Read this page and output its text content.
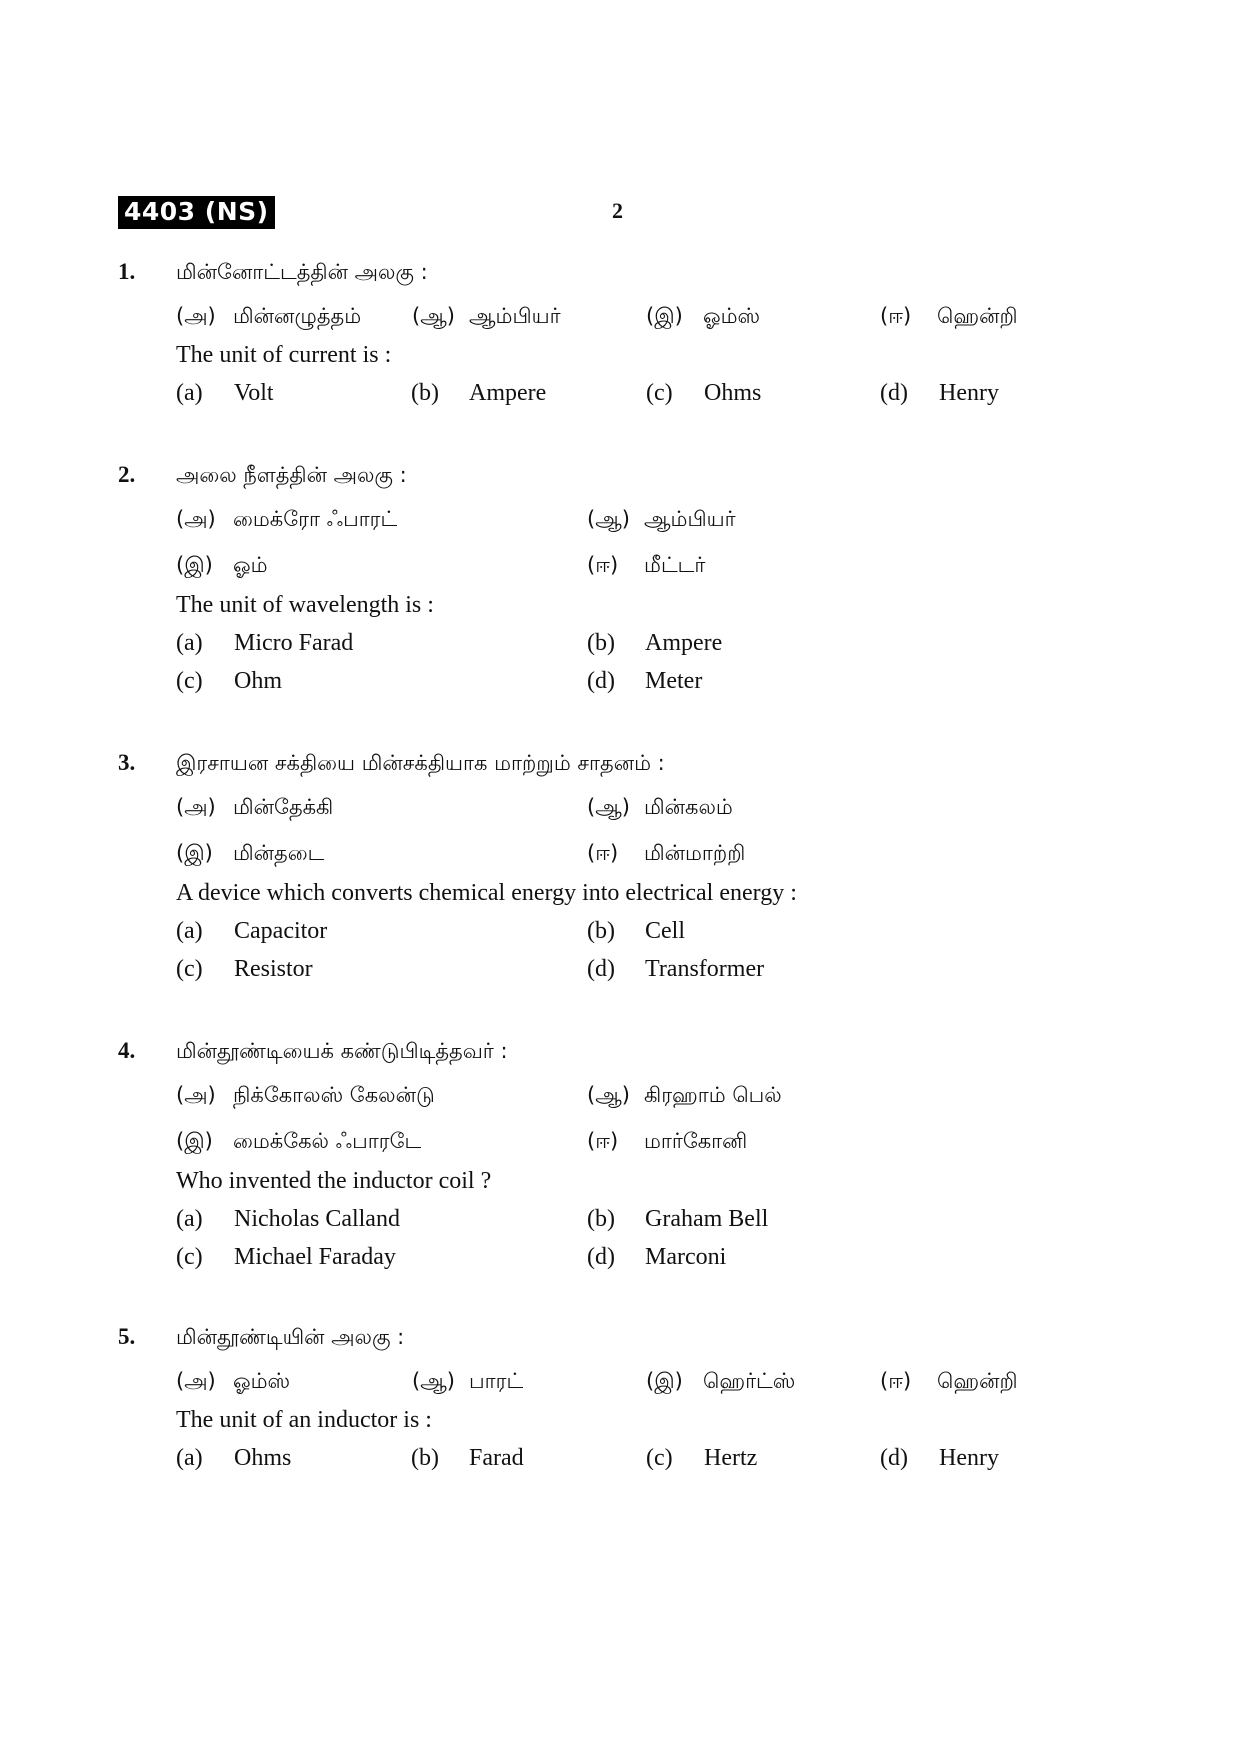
4403 (NS)	2
1. மின்னோட்டத்தின் அலகு :
(அ) மின்னழுத்தம் (ஆ) ஆம்பியர்	(இ) ஓம்ஸ்	(ஈ) ஹென்றி
The unit of current is :
(a) Volt	(b) Ampere	(c) Ohms	(d) Henry
2. அலை நீளத்தின் அலகு :
(அ) மைக்ரோ ஃபாரட்	(ஆ) ஆம்பியர்
(இ) ஓம்	(ஈ) மீட்டர்
The unit of wavelength is :
(a) Micro Farad	(b) Ampere
(c) Ohm	(d) Meter
3. இரசாயன சக்தியை மின்சக்தியாக மாற்றும் சாதனம் :
(அ) மின்தேக்கி	(ஆ) மின்கலம்
(இ) மின்தடை	(ஈ) மின்மாற்றி
A device which converts chemical energy into electrical energy :
(a) Capacitor	(b) Cell
(c) Resistor	(d) Transformer
4. மின்தூண்டியைக் கண்டுபிடித்தவர் :
(அ) நிக்கோலஸ் கேலன்டு	(ஆ) கிரஹாம் பெல்
(இ) மைக்கேல் ஃபாரடே	(ஈ) மார்கோனி
Who invented the inductor coil ?
(a) Nicholas Calland	(b) Graham Bell
(c) Michael Faraday	(d) Marconi
5. மின்தூண்டியின் அலகு :
(அ) ஓம்ஸ்	(ஆ) பாரட்	(இ) ஹெர்ட்ஸ்	(ஈ) ஹென்றி
The unit of an inductor is :
(a) Ohms	(b) Farad	(c) Hertz	(d) Henry
